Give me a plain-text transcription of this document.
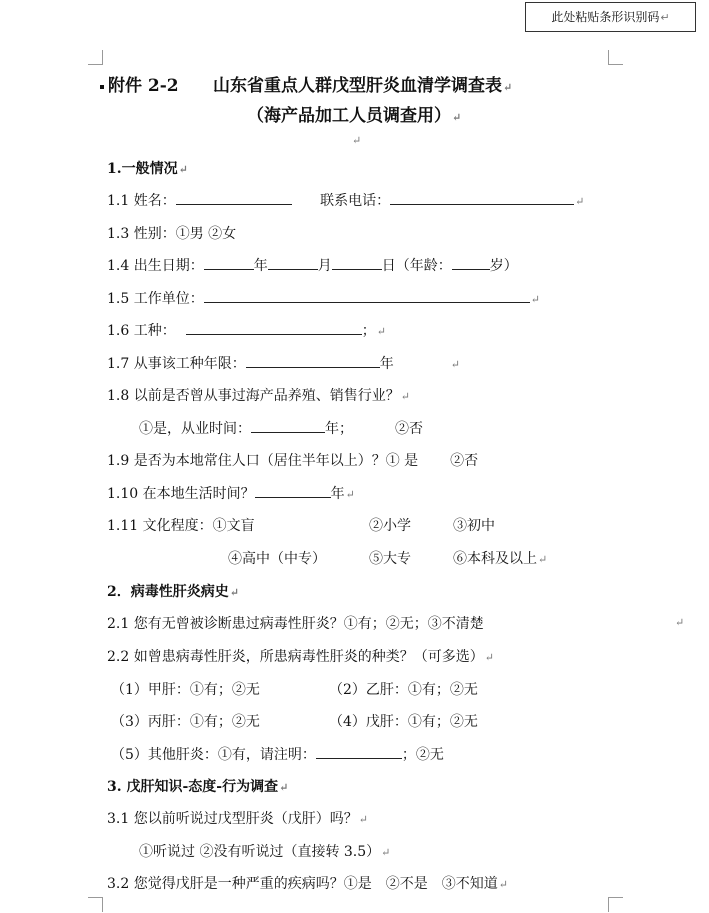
此处粘贴条形识别码↵
附件 2-2 山东省重点人群戊型肝炎血清学调查表↵
（海产品加工人员调查用）↵
↵
1.一般情况↵
1.1 姓名：	联系电话：	↵
1.3 性别：①男 ②女
1.4 出生日期：	年	月	日（年龄：	岁）
1.5 工作单位：	↵
1.6 工种：	；↵
1.7 从事该工种年限：	年	↵
1.8 以前是否曾从事过海产品养殖、销售行业？↵
①是，从业时间：	年；	②否
1.9 是否为本地常住人口（居住半年以上）？① 是 ②否
1.10 在本地生活时间？	年↵
1.11 文化程度：①文盲	②小学	③初中
④高中（中专）	⑤大专	⑥本科及以上↵
2．病毒性肝炎病史↵
2.1 您有无曾被诊断患过病毒性肝炎？①有；②无；③不清楚	↵
2.2 如曾患病毒性肝炎，所患病毒性肝炎的种类？（可多选）↵
（1）甲肝：①有；②无	（2）乙肝：①有；②无
（3）丙肝：①有；②无	（4）戊肝：①有；②无
（5）其他肝炎：①有，请注明：	；②无
3. 戊肝知识-态度-行为调查↵
3.1 您以前听说过戊型肝炎（戊肝）吗？↵
①听说过 ②没有听说过（直接转 3.5）↵
3.2 您觉得戊肝是一种严重的疾病吗？①是 ②不是 ③不知道↵
